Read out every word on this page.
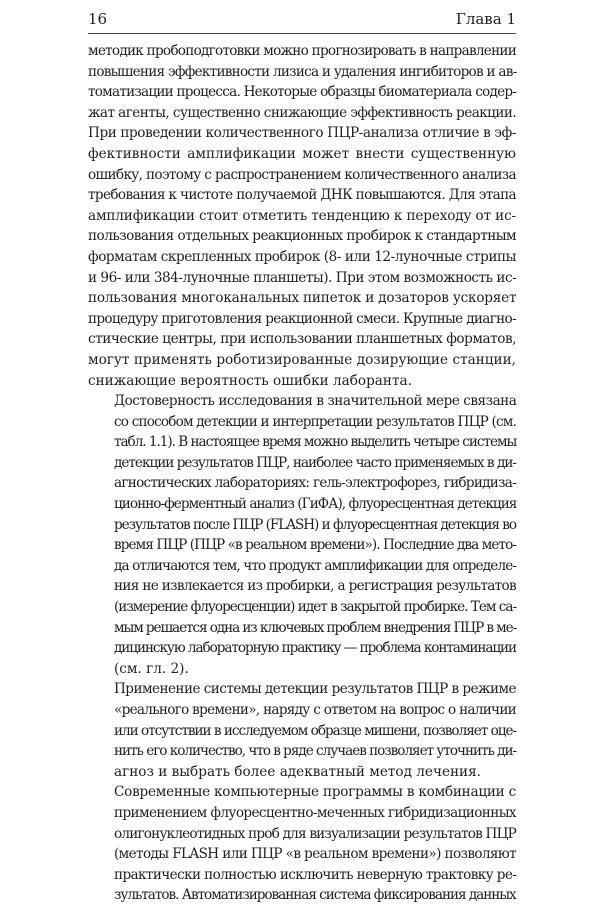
16	Глава 1

методик пробоподготовки можно прогнозировать в направлении
повышения эффективности лизиса и удаления ингибиторов и ав-
томатизации процесса. Некоторые образцы биоматериала содер-
жат агенты, существенно снижающие эффективность реакции.
При проведении количественного ПЦР-анализа отличие в эф-
фективности амплификации может внести существенную
ошибку, поэтому с распространением количественного анализа
требования к чистоте получаемой ДНК повышаются. Для этапа
амплификации стоит отметить тенденцию к переходу от ис-
пользования отдельных реакционных пробирок к стандартным
форматам скрепленных пробирок (8- или 12-луночные стрипы
и 96- или 384-луночные планшеты). При этом возможность ис-
пользования многоканальных пипеток и дозаторов ускоряет
процедуру приготовления реакционной смеси. Крупные диагно-
стические центры, при использовании планшетных форматов,
могут применять роботизированные дозирующие станции,
снижающие вероятность ошибки лаборанта.

Достоверность исследования в значительной мере связана
со способом детекции и интерпретации результатов ПЦР (см.
табл. 1.1). В настоящее время можно выделить четыре системы
детекции результатов ПЦР, наиболее часто применяемых в ди-
агностических лабораториях: гель-электрофорез, гибридиза-
ционно-ферментный анализ (ГиФА), флуоресцентная детекция
результатов после ПЦР (FLASH) и флуоресцентная детекция во
время ПЦР (ПЦР «в реальном времени»). Последние два мето-
да отличаются тем, что продукт амплификации для определе-
ния не извлекается из пробирки, а регистрация результатов
(измерение флуоресценции) идет в закрытой пробирке. Тем са-
мым решается одна из ключевых проблем внедрения ПЦР в ме-
дицинскую лабораторную практику — проблема контаминации
(см. гл. 2).

Применение системы детекции результатов ПЦР в режиме
«реального времени», наряду с ответом на вопрос о наличии
или отсутствии в исследуемом образце мишени, позволяет оце-
нить его количество, что в ряде случаев позволяет уточнить ди-
агноз и выбрать более адекватный метод лечения.

Современные компьютерные программы в комбинации с
применением флуоресцентно-меченных гибридизационных
олигонуклеотидных проб для визуализации результатов ПЦР
(методы FLASH или ПЦР «в реальном времени») позволяют
практически полностью исключить неверную трактовку ре-
зультатов. Автоматизированная система фиксирования данных
